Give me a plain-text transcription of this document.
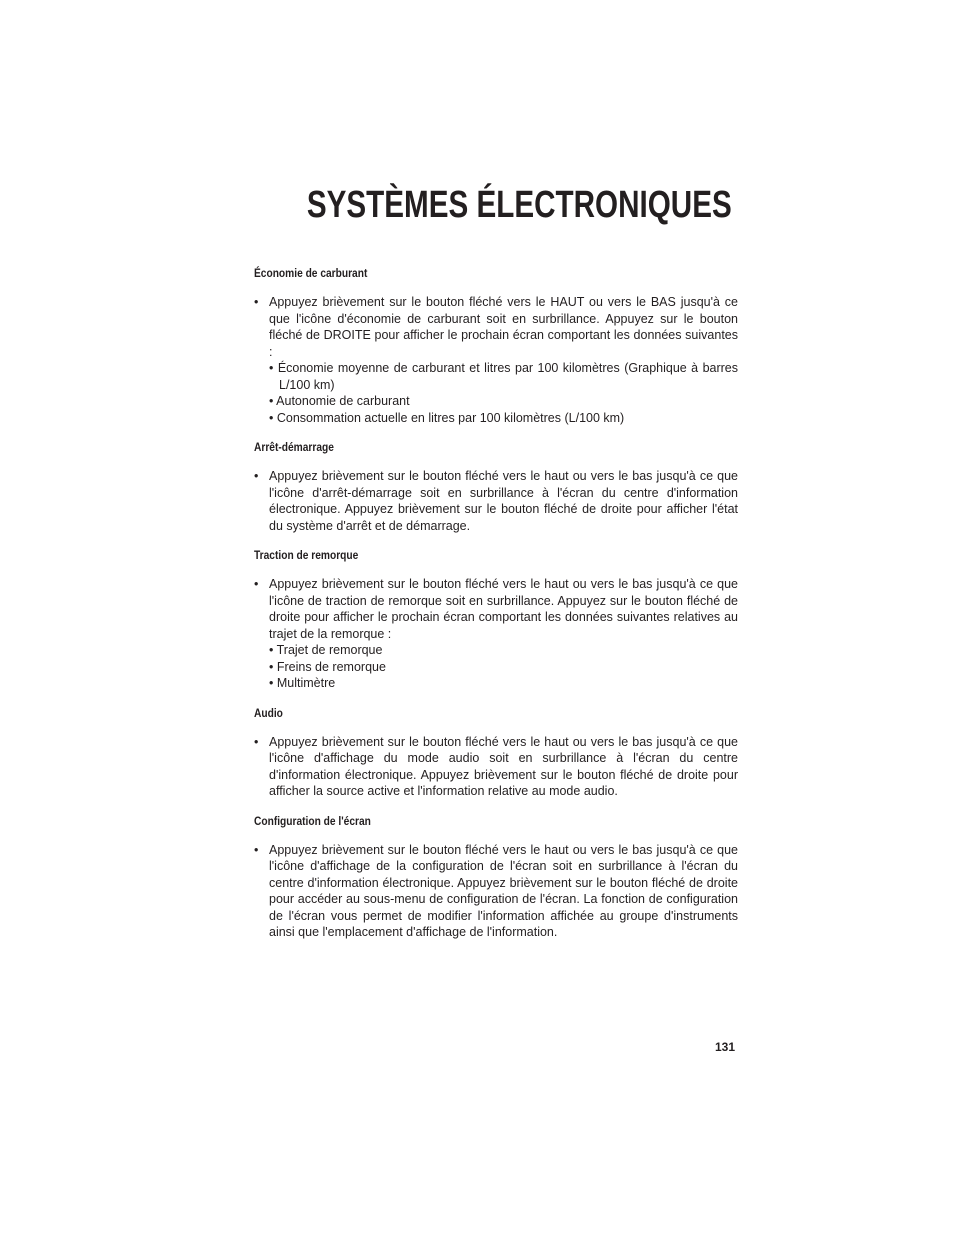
SYSTÈMES ÉLECTRONIQUES

Économie de carburant

• Appuyez brièvement sur le bouton fléché vers le HAUT ou vers le BAS jusqu'à ce que l'icône d'économie de carburant soit en surbrillance. Appuyez sur le bouton fléché de DROITE pour afficher le prochain écran comportant les données suivantes :

• Économie moyenne de carburant et litres par 100 kilomètres (Graphique à barres L/100 km)
• Autonomie de carburant
• Consommation actuelle en litres par 100 kilomètres (L/100 km)

Arrêt-démarrage

• Appuyez brièvement sur le bouton fléché vers le haut ou vers le bas jusqu'à ce que l'icône d'arrêt-démarrage soit en surbrillance à l'écran du centre d'information électronique. Appuyez brièvement sur le bouton fléché de droite pour afficher l'état du système d'arrêt et de démarrage.

Traction de remorque

• Appuyez brièvement sur le bouton fléché vers le haut ou vers le bas jusqu'à ce que l'icône de traction de remorque soit en surbrillance. Appuyez sur le bouton fléché de droite pour afficher le prochain écran comportant les données suivantes relatives au trajet de la remorque :

• Trajet de remorque
• Freins de remorque
• Multimètre

Audio

• Appuyez brièvement sur le bouton fléché vers le haut ou vers le bas jusqu'à ce que l'icône d'affichage du mode audio soit en surbrillance à l'écran du centre d'information électronique. Appuyez brièvement sur le bouton fléché de droite pour afficher la source active et l'information relative au mode audio.

Configuration de l'écran

• Appuyez brièvement sur le bouton fléché vers le haut ou vers le bas jusqu'à ce que l'icône d'affichage de la configuration de l'écran soit en surbrillance à l'écran du centre d'information électronique. Appuyez brièvement sur le bouton fléché de droite pour accéder au sous-menu de configuration de l'écran. La fonction de configuration de l'écran vous permet de modifier l'information affichée au groupe d'instruments ainsi que l'emplacement d'affichage de l'information.

131
